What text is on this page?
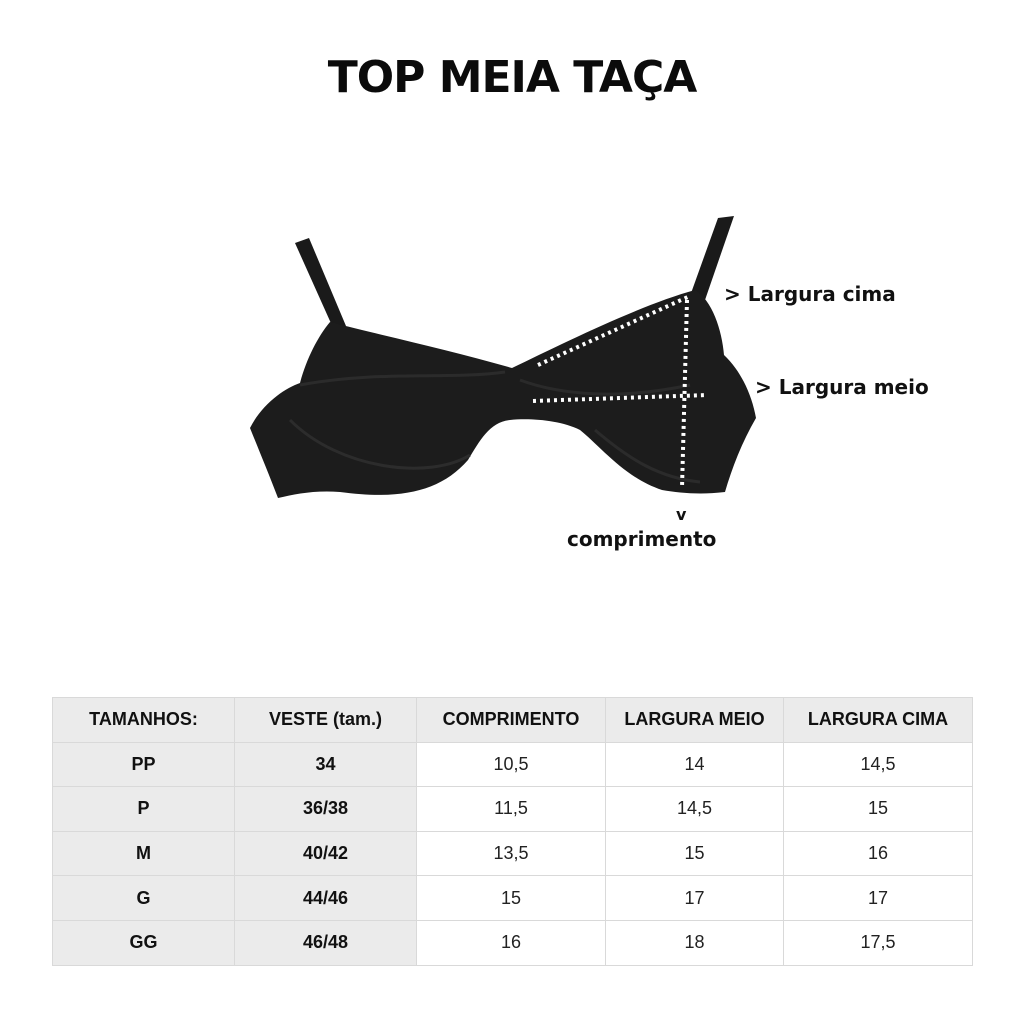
TOP MEIA TAÇA
> Largura cima
> Largura meio
v
comprimento
TAMANHOS:	VESTE (tam.)	COMPRIMENTO	LARGURA MEIO	LARGURA CIMA
PP	34	10,5	14	14,5
P	36/38	11,5	14,5	15
M	40/42	13,5	15	16
G	44/46	15	17	17
GG	46/48	16	18	17,5
